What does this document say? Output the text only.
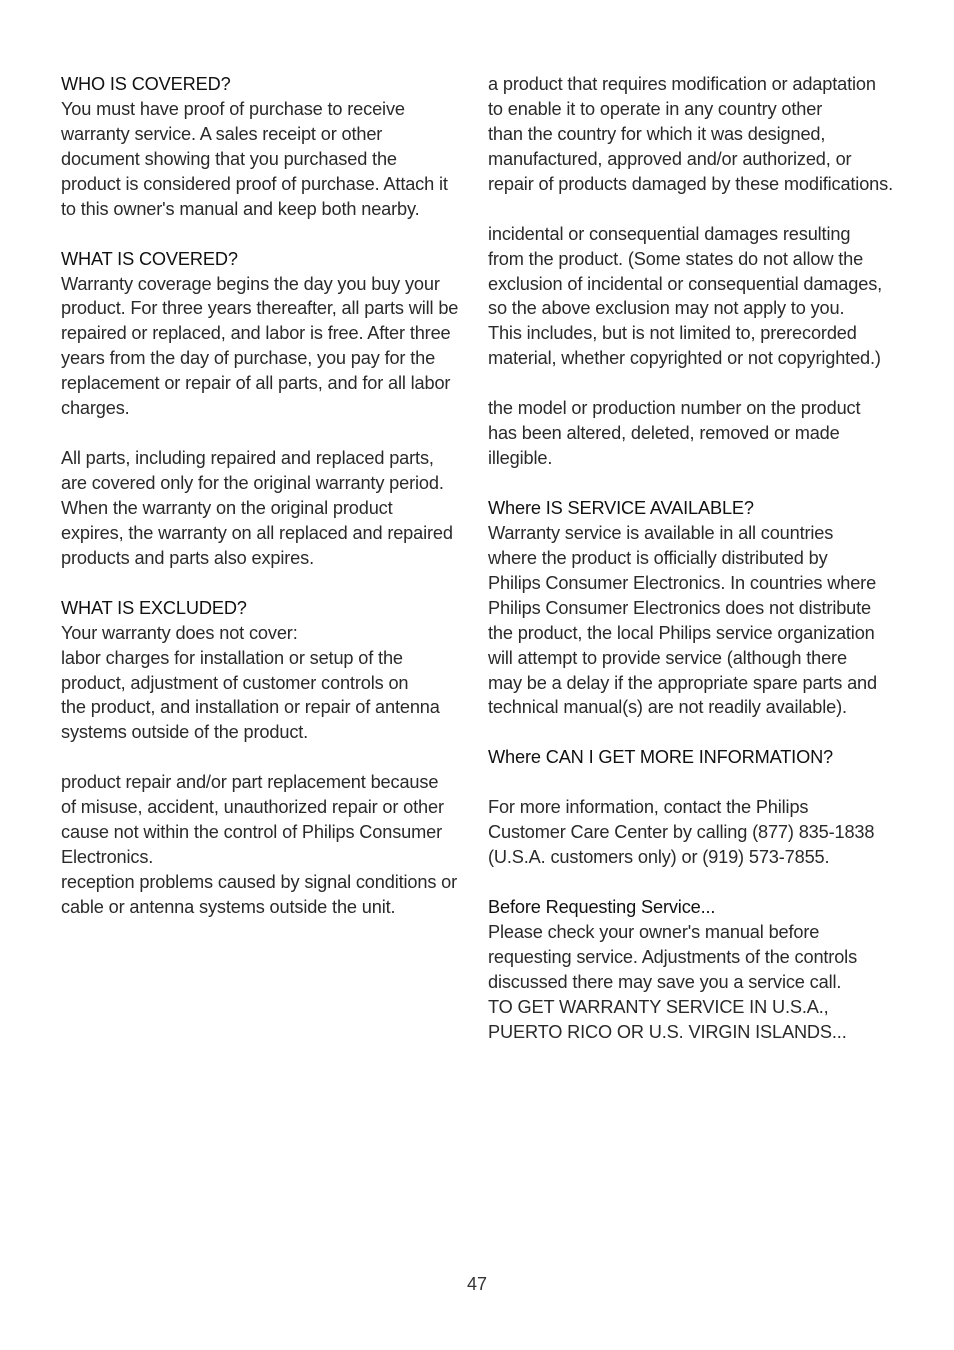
WHO IS COVERED?
You must have proof of purchase to receive
warranty service. A sales receipt or other
document showing that you purchased the
product is considered proof of purchase. Attach it
to this owner's manual and keep both nearby.
WHAT IS COVERED?
Warranty coverage begins the day you buy your
product. For three years thereafter, all parts will be
repaired or replaced, and labor is free. After three
years from the day of purchase, you pay for the
replacement or repair of all parts, and for all labor
charges.
All parts, including repaired and replaced parts,
are covered only for the original warranty period.
When the warranty on the original product
expires, the warranty on all replaced and repaired
products and parts also expires.
WHAT IS EXCLUDED?
Your warranty does not cover:
labor charges for installation or setup of the
product, adjustment of customer controls on
the product, and installation or repair of antenna
systems outside of the product.
product repair and/or part replacement because
of misuse, accident, unauthorized repair or other
cause not within the control of Philips Consumer
Electronics.
reception problems caused by signal conditions or
cable or antenna systems outside the unit.
a product that requires modification or adaptation
to enable it to operate in any country other
than the country for which it was designed,
manufactured, approved and/or authorized, or
repair of products damaged by these modifications.
incidental or consequential damages resulting
from the product. (Some states do not allow the
exclusion of incidental or consequential damages,
so the above exclusion may not apply to you.
This includes, but is not limited to, prerecorded
material, whether copyrighted or not copyrighted.)
the model or production number on the product
has been altered, deleted, removed or made
illegible.
Where IS SERVICE AVAILABLE?
Warranty service is available in all countries
where the product is officially distributed by
Philips Consumer Electronics. In countries where
Philips Consumer Electronics does not distribute
the product, the local Philips service organization
will attempt to provide service (although there
may be a delay if the appropriate spare parts and
technical manual(s) are not readily available).
Where CAN I GET MORE INFORMATION?
For more information, contact the Philips
Customer Care Center by calling (877) 835-1838
(U.S.A. customers only) or (919) 573-7855.
Before Requesting Service...
Please check your owner's manual before
requesting service. Adjustments of the controls
discussed there may save you a service call.
TO GET WARRANTY SERVICE IN U.S.A.,
PUERTO RICO OR U.S. VIRGIN ISLANDS...
47
